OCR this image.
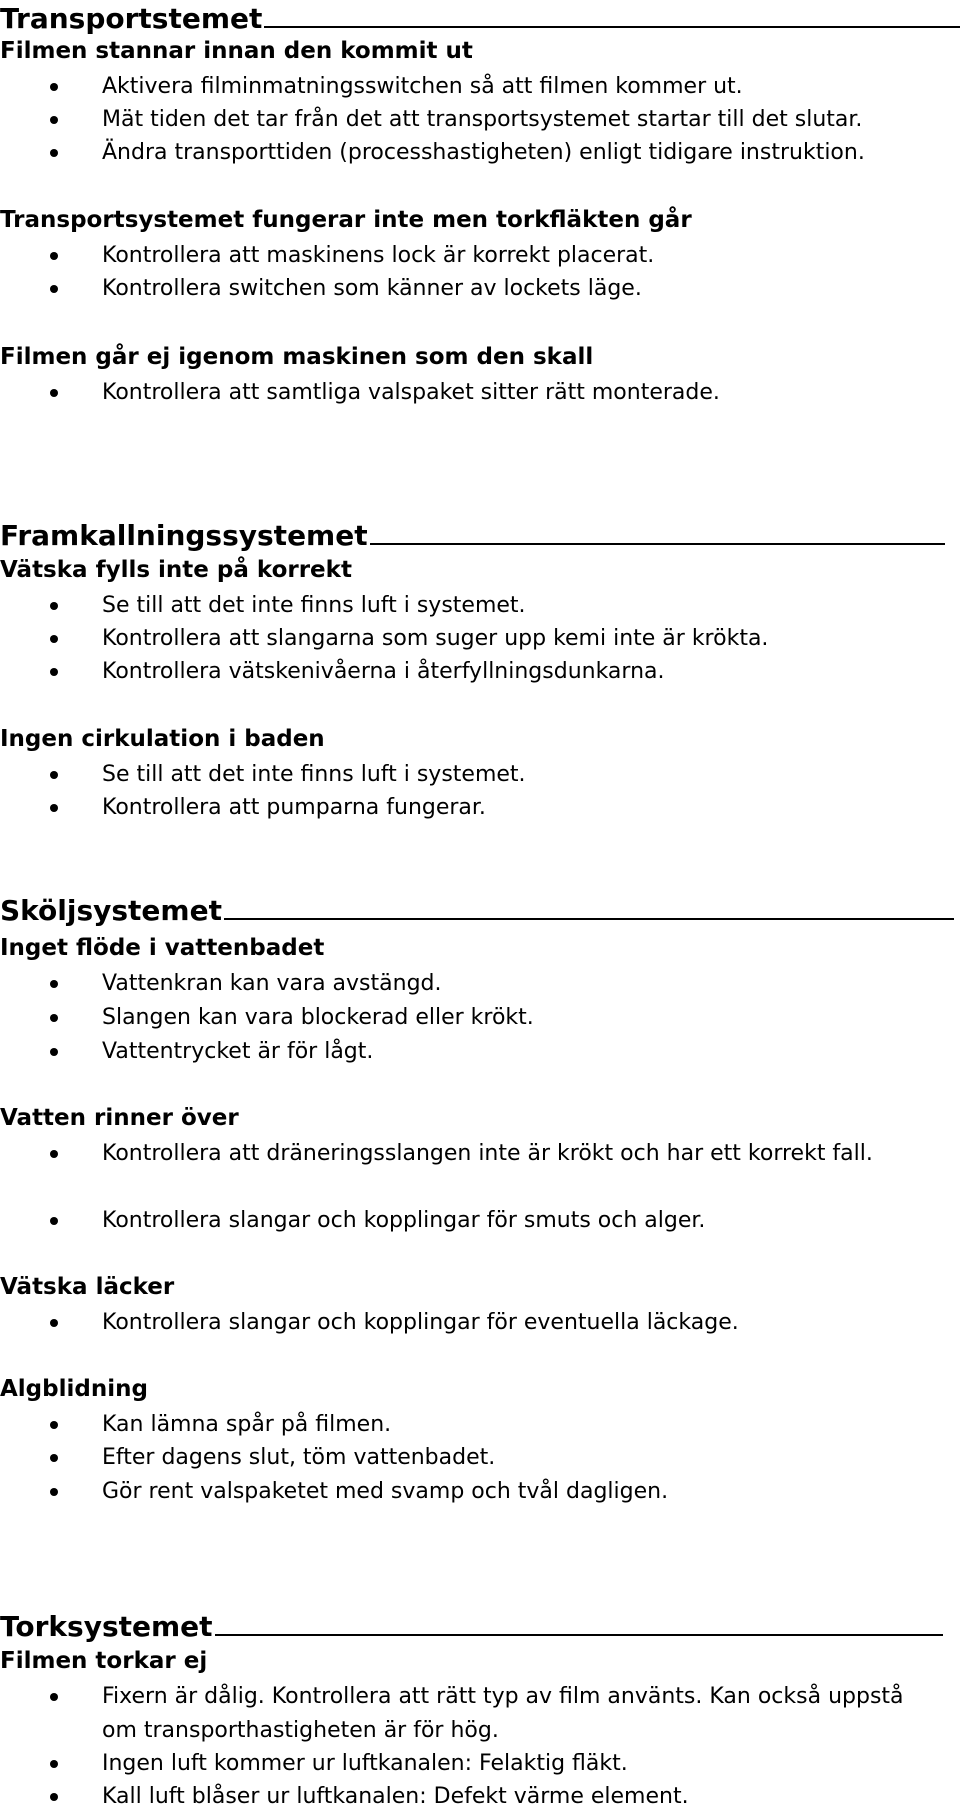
Transportstemet
Filmen stannar innan den kommit ut
Aktivera filminmatningsswitchen så att filmen kommer ut.
Mät tiden det tar från det att transportsystemet startar till det slutar.
Ändra transporttiden (processhastigheten) enligt tidigare instruktion.
Transportsystemet fungerar inte men torkfläkten går
Kontrollera att maskinens lock är korrekt placerat.
Kontrollera switchen som känner av lockets läge.
Filmen går ej igenom maskinen som den skall
Kontrollera att samtliga valspaket sitter rätt monterade.
Framkallningssystemet
Vätska fylls inte på korrekt
Se till att det inte finns luft i systemet.
Kontrollera att slangarna som suger upp kemi inte är krökta.
Kontrollera vätskenivåerna i återfyllningsdunkarna.
Ingen cirkulation i baden
Se till att det inte finns luft i systemet.
Kontrollera att pumparna fungerar.
Sköljsystemet
Inget flöde i vattenbadet
Vattenkran kan vara avstängd.
Slangen kan vara blockerad eller krökt.
Vattentrycket är för lågt.
Vatten rinner över
Kontrollera att dräneringsslangen inte är krökt och har ett korrekt fall.
Kontrollera slangar och kopplingar för smuts och alger.
Vätska läcker
Kontrollera slangar och kopplingar för eventuella läckage.
Algblidning
Kan lämna spår på filmen.
Efter dagens slut, töm vattenbadet.
Gör rent valspaketet med svamp och tvål dagligen.
Torksystemet
Filmen torkar ej
Fixern är dålig. Kontrollera att rätt typ av film använts. Kan också uppstå om transporthastigheten är för hög.
Ingen luft kommer ur luftkanalen: Felaktig fläkt.
Kall luft blåser ur luftkanalen: Defekt värme element.
